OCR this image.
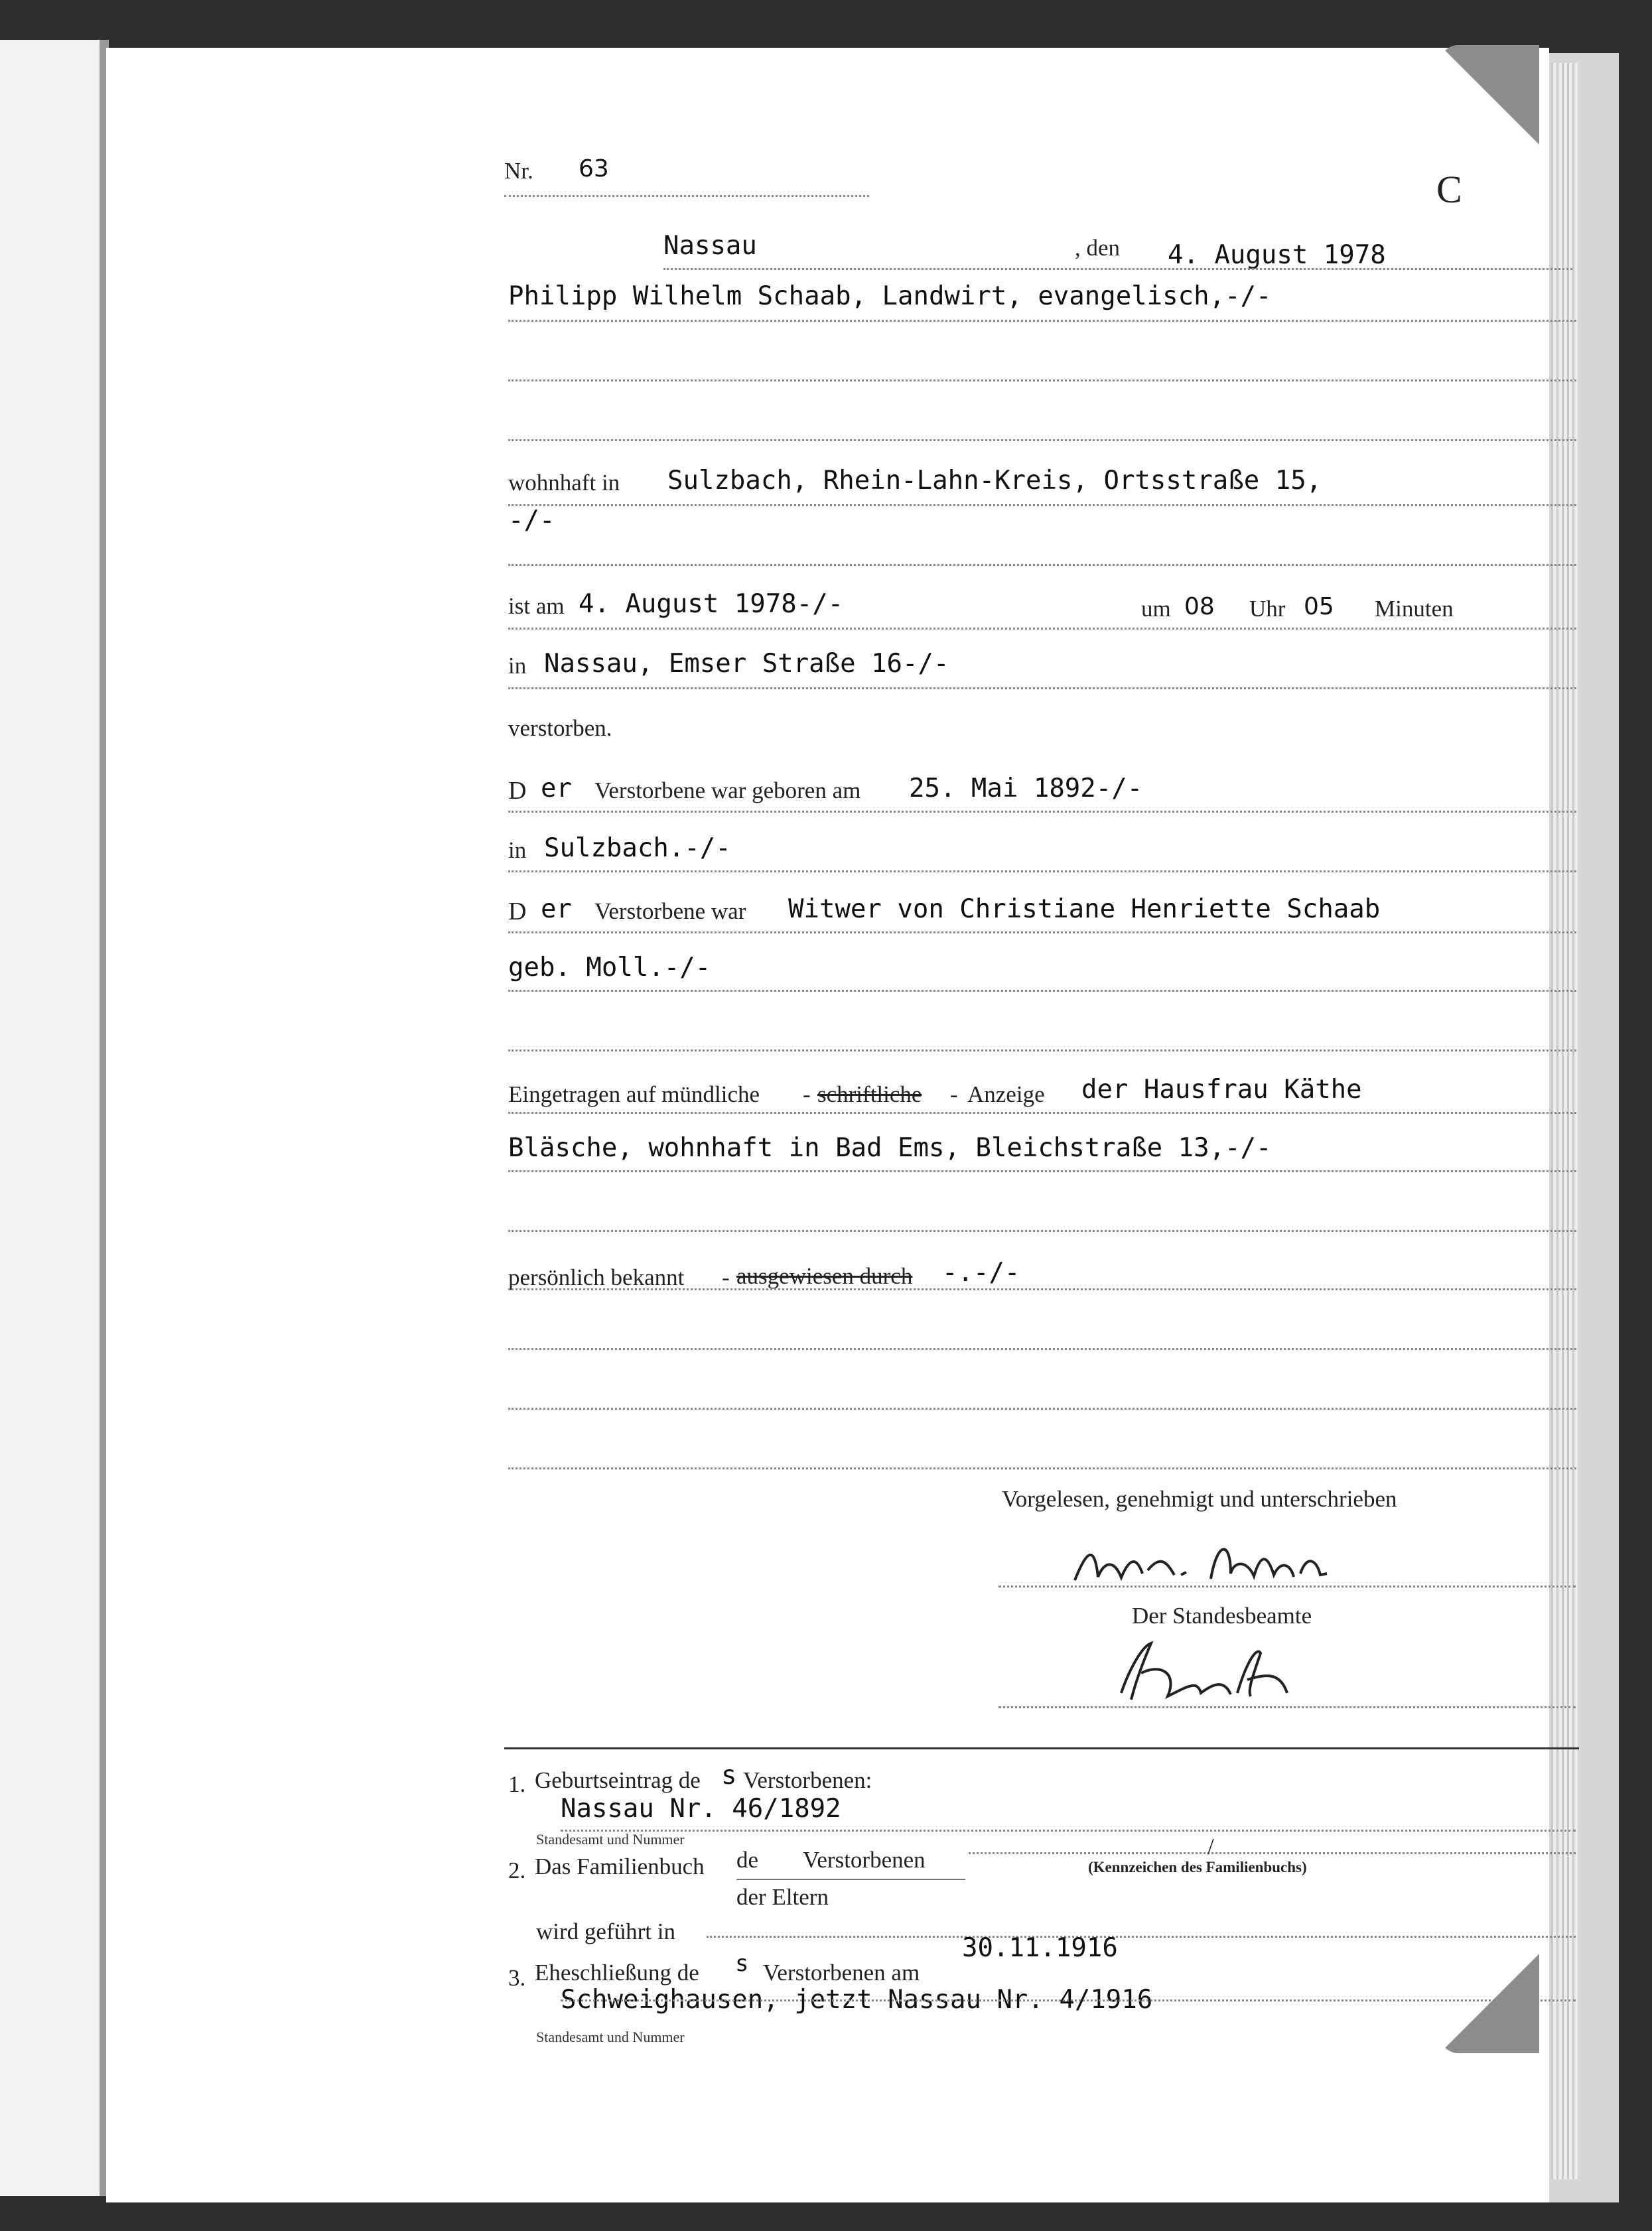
Nr. 63	C
Nassau	, den 4. August 1978
Philipp Wilhelm Schaab, Landwirt, evangelisch,-/-
wohnhaft in Sulzbach, Rhein-Lahn-Kreis, Ortsstraße 15,
-/-
ist am 4. August 1978-/-	um 08 Uhr 05 Minuten
in Nassau, Emser Straße 16-/-
verstorben.
D er Verstorbene war geboren am 25. Mai 1892-/-
in Sulzbach.-/-
D er Verstorbene war Witwer von Christiane Henriette Schaab
geb. Moll.-/-
Eingetragen auf mündliche - schriftliche - Anzeige der Hausfrau Käthe
Bläsche, wohnhaft in Bad Ems, Bleichstraße 13,-/-
persönlich bekannt - ausgewiesen durch -.-/-
Vorgelesen, genehmigt und unterschrieben
Der Standesbeamte
1. Geburtseintrag de s Verstorbenen:
Nassau Nr. 46/1892
Standesamt und Nummer
2. Das Familienbuch de Verstorbenen
/
(Kennzeichen des Familienbuchs)
der Eltern
wird geführt in
3. Eheschließung de s Verstorbenen am
30.11.1916
Schweighausen, jetzt Nassau Nr. 4/1916
Standesamt und Nummer
